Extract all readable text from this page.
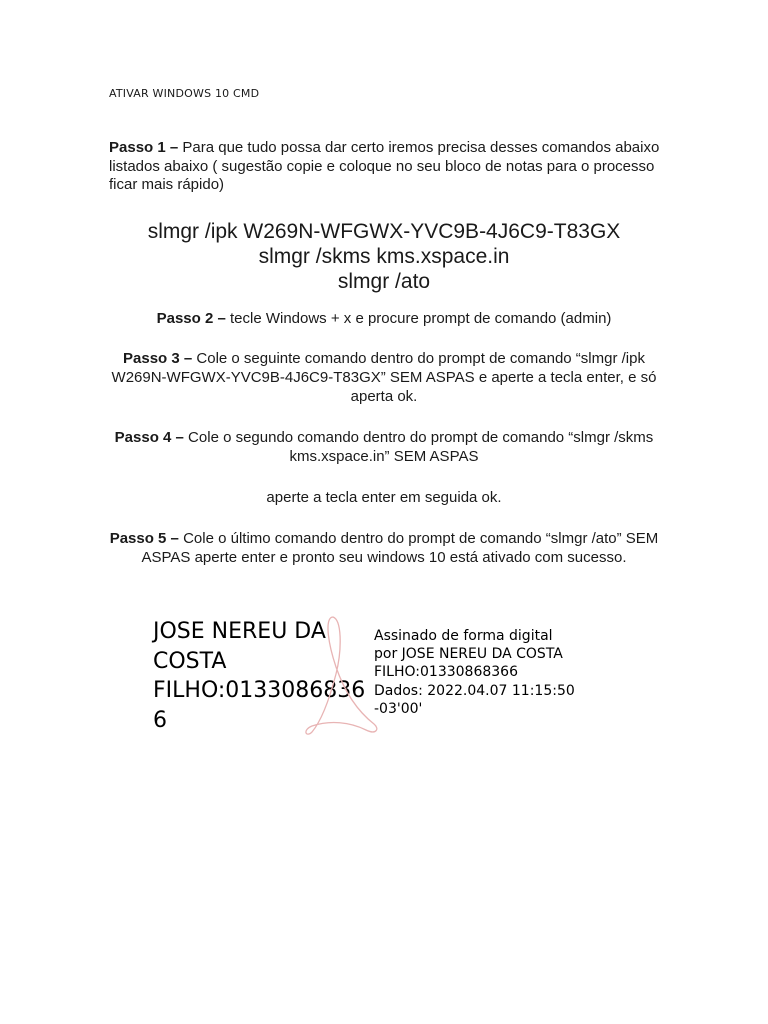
ATIVAR WINDOWS 10 CMD
Passo 1 – Para que tudo possa dar certo iremos precisa desses comandos abaixo listados abaixo ( sugestão copie e coloque no seu bloco de notas para o processo ficar mais rápido)
slmgr /ipk W269N-WFGWX-YVC9B-4J6C9-T83GX
slmgr /skms kms.xspace.in
slmgr /ato
Passo 2 – tecle Windows + x e procure prompt de comando (admin)
Passo 3 – Cole o seguinte comando dentro do prompt de comando “slmgr /ipk W269N-WFGWX-YVC9B-4J6C9-T83GX” SEM ASPAS e aperte a tecla enter, e só aperta ok.
Passo 4 – Cole o segundo comando dentro do prompt de comando “slmgr /skms kms.xspace.in” SEM ASPAS
aperte a tecla enter em seguida ok.
Passo 5 – Cole o último comando dentro do prompt de comando “slmgr /ato” SEM ASPAS aperte enter e pronto seu windows 10 está ativado com sucesso.
JOSE NEREU DA
COSTA
FILHO:0133086836
6
Assinado de forma digital
por JOSE NEREU DA COSTA
FILHO:01330868366
Dados: 2022.04.07 11:15:50
-03'00'
